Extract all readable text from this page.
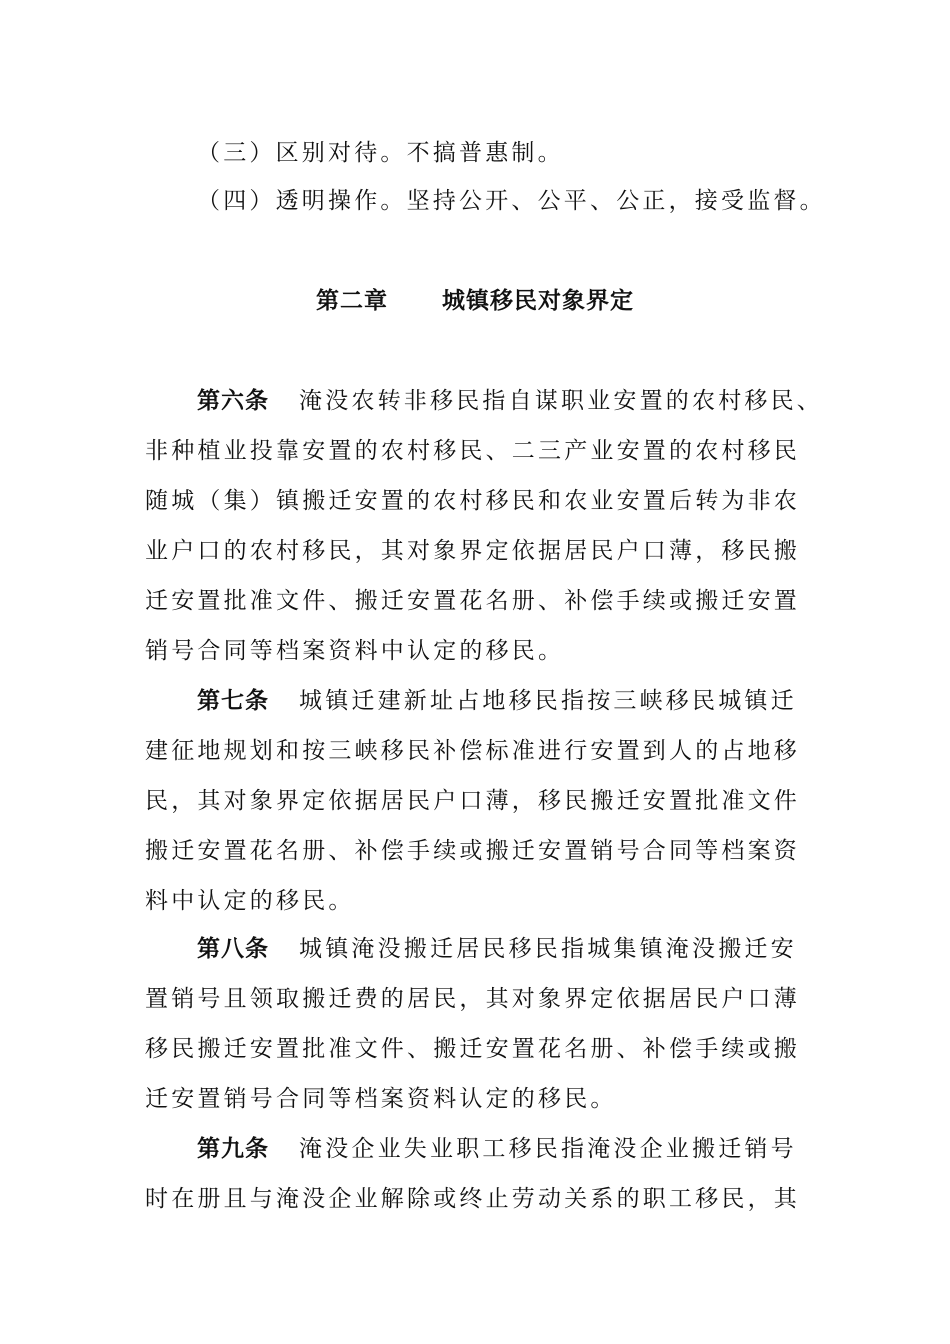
（三）区别对待。不搞普惠制。
（四）透明操作。坚持公开、公平、公正，接受监督。
第二章 城镇移民对象界定
第六条 淹没农转非移民指自谋职业安置的农村移民、
非种植业投靠安置的农村移民、二三产业安置的农村移民
随城（集）镇搬迁安置的农村移民和农业安置后转为非农
业户口的农村移民，其对象界定依据居民户口薄，移民搬
迁安置批准文件、搬迁安置花名册、补偿手续或搬迁安置
销号合同等档案资料中认定的移民。
第七条 城镇迁建新址占地移民指按三峡移民城镇迁
建征地规划和按三峡移民补偿标准进行安置到人的占地移
民，其对象界定依据居民户口薄，移民搬迁安置批准文件
搬迁安置花名册、补偿手续或搬迁安置销号合同等档案资
料中认定的移民。
第八条 城镇淹没搬迁居民移民指城集镇淹没搬迁安
置销号且领取搬迁费的居民，其对象界定依据居民户口薄
移民搬迁安置批准文件、搬迁安置花名册、补偿手续或搬
迁安置销号合同等档案资料认定的移民。
第九条 淹没企业失业职工移民指淹没企业搬迁销号
时在册且与淹没企业解除或终止劳动关系的职工移民，其
